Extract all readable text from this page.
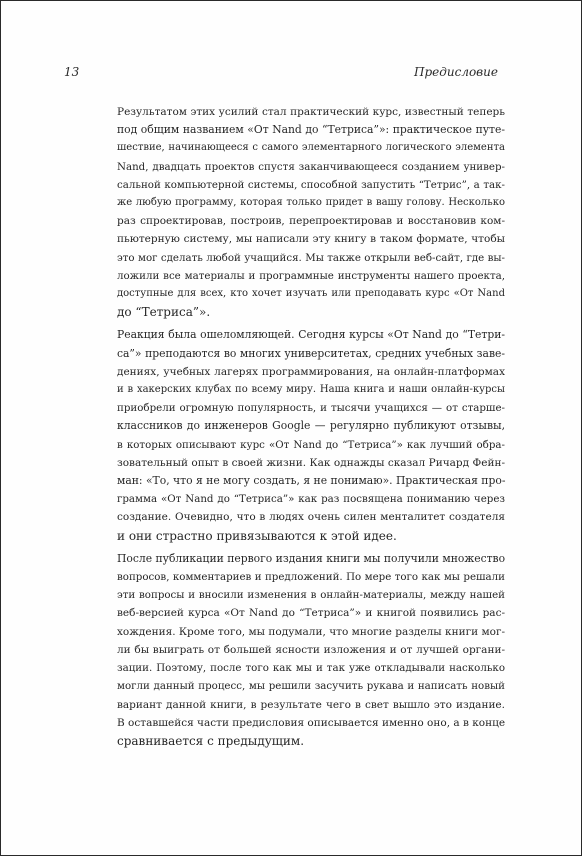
13	Предисловие

Результатом этих усилий стал практический курс, известный теперь
под общим названием «От Nand до “Тетриса”»: практическое путе-
шествие, начинающееся с самого элементарного логического элемента
Nand, двадцать проектов спустя заканчивающееся созданием универ-
сальной компьютерной системы, способной запустить “Тетрис”, а так-
же любую программу, которая только придет в вашу голову. Несколько
раз спроектировав, построив, перепроектировав и восстановив ком-
пьютерную систему, мы написали эту книгу в таком формате, чтобы
это мог сделать любой учащийся. Мы также открыли веб-сайт, где вы-
ложили все материалы и программные инструменты нашего проекта,
доступные для всех, кто хочет изучать или преподавать курс «От Nand
до “Тетриса”».

Реакция была ошеломляющей. Сегодня курсы «От Nand до “Тетри-
са”» преподаются во многих университетах, средних учебных заве-
дениях, учебных лагерях программирования, на онлайн-платформах
и в хакерских клубах по всему миру. Наша книга и наши онлайн-курсы
приобрели огромную популярность, и тысячи учащихся — от старше-
классников до инженеров Google — регулярно публикуют отзывы,
в которых описывают курс «От Nand до “Тетриса”» как лучший обра-
зовательный опыт в своей жизни. Как однажды сказал Ричард Фейн-
ман: «То, что я не могу создать, я не понимаю». Практическая про-
грамма «От Nand до “Тетриса”» как раз посвящена пониманию через
создание. Очевидно, что в людях очень силен менталитет создателя
и они страстно привязываются к этой идее.

После публикации первого издания книги мы получили множество
вопросов, комментариев и предложений. По мере того как мы решали
эти вопросы и вносили изменения в онлайн-материалы, между нашей
веб-версией курса «От Nand до “Тетриса”» и книгой появились рас-
хождения. Кроме того, мы подумали, что многие разделы книги мог-
ли бы выиграть от большей ясности изложения и от лучшей органи-
зации. Поэтому, после того как мы и так уже откладывали насколько
могли данный процесс, мы решили засучить рукава и написать новый
вариант данной книги, в результате чего в свет вышло это издание.
В оставшейся части предисловия описывается именно оно, а в конце
сравнивается с предыдущим.
